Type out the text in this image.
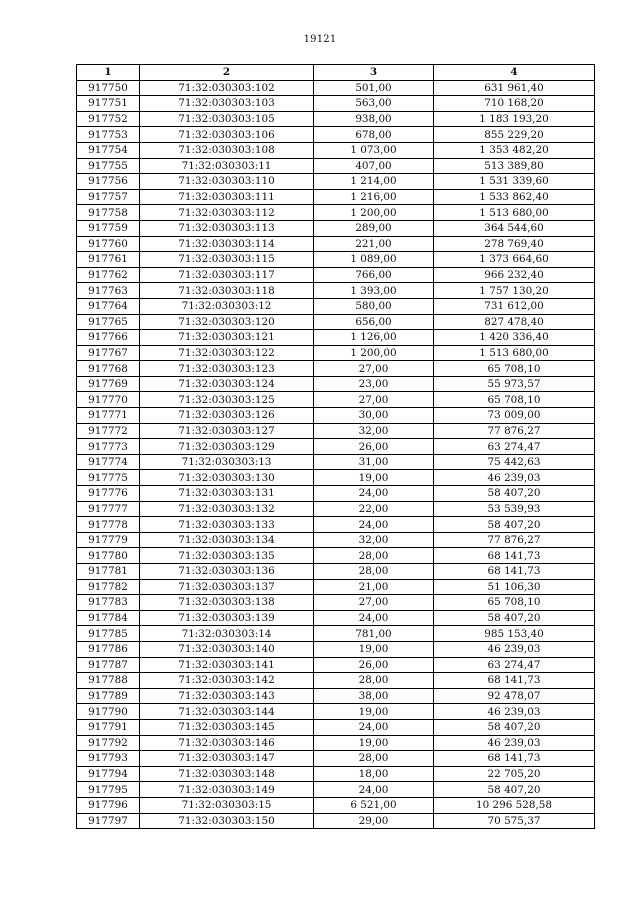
19121
1	2	3	4
917750	71:32:030303:102	501,00	631 961,40
917751	71:32:030303:103	563,00	710 168,20
917752	71:32:030303:105	938,00	1 183 193,20
917753	71:32:030303:106	678,00	855 229,20
917754	71:32:030303:108	1 073,00	1 353 482,20
917755	71:32:030303:11	407,00	513 389,80
917756	71:32:030303:110	1 214,00	1 531 339,60
917757	71:32:030303:111	1 216,00	1 533 862,40
917758	71:32:030303:112	1 200,00	1 513 680,00
917759	71:32:030303:113	289,00	364 544,60
917760	71:32:030303:114	221,00	278 769,40
917761	71:32:030303:115	1 089,00	1 373 664,60
917762	71:32:030303:117	766,00	966 232,40
917763	71:32:030303:118	1 393,00	1 757 130,20
917764	71:32:030303:12	580,00	731 612,00
917765	71:32:030303:120	656,00	827 478,40
917766	71:32:030303:121	1 126,00	1 420 336,40
917767	71:32:030303:122	1 200,00	1 513 680,00
917768	71:32:030303:123	27,00	65 708,10
917769	71:32:030303:124	23,00	55 973,57
917770	71:32:030303:125	27,00	65 708,10
917771	71:32:030303:126	30,00	73 009,00
917772	71:32:030303:127	32,00	77 876,27
917773	71:32:030303:129	26,00	63 274,47
917774	71:32:030303:13	31,00	75 442,63
917775	71:32:030303:130	19,00	46 239,03
917776	71:32:030303:131	24,00	58 407,20
917777	71:32:030303:132	22,00	53 539,93
917778	71:32:030303:133	24,00	58 407,20
917779	71:32:030303:134	32,00	77 876,27
917780	71:32:030303:135	28,00	68 141,73
917781	71:32:030303:136	28,00	68 141,73
917782	71:32:030303:137	21,00	51 106,30
917783	71:32:030303:138	27,00	65 708,10
917784	71:32:030303:139	24,00	58 407,20
917785	71:32:030303:14	781,00	985 153,40
917786	71:32:030303:140	19,00	46 239,03
917787	71:32:030303:141	26,00	63 274,47
917788	71:32:030303:142	28,00	68 141,73
917789	71:32:030303:143	38,00	92 478,07
917790	71:32:030303:144	19,00	46 239,03
917791	71:32:030303:145	24,00	58 407,20
917792	71:32:030303:146	19,00	46 239,03
917793	71:32:030303:147	28,00	68 141,73
917794	71:32:030303:148	18,00	22 705,20
917795	71:32:030303:149	24,00	58 407,20
917796	71:32:030303:15	6 521,00	10 296 528,58
917797	71:32:030303:150	29,00	70 575,37
